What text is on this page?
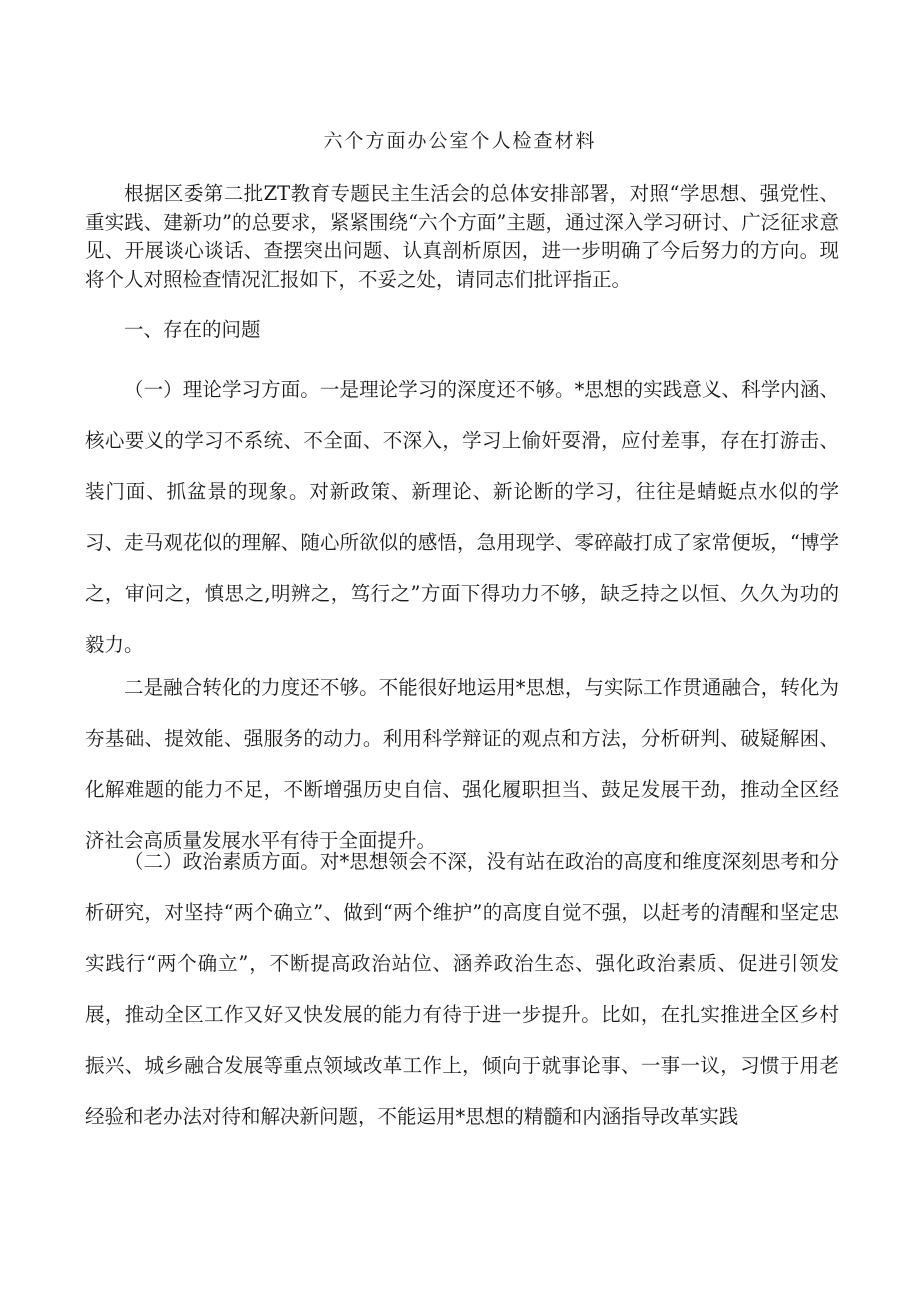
六个方面办公室个人检查材料

根据区委第二批ZT教育专题民主生活会的总体安排部署，对照“学思想、强党性、重实践、建新功”的总要求，紧紧围绕“六个方面”主题，通过深入学习研讨、广泛征求意见、开展谈心谈话、查摆突出问题、认真剖析原因，进一步明确了今后努力的方向。现将个人对照检查情况汇报如下，不妥之处，请同志们批评指正。

一、存在的问题

（一）理论学习方面。一是理论学习的深度还不够。*思想的实践意义、科学内涵、核心要义的学习不系统、不全面、不深入，学习上偷奸耍滑，应付差事，存在打游击、装门面、抓盆景的现象。对新政策、新理论、新论断的学习，往往是蜻蜓点水似的学习、走马观花似的理解、随心所欲似的感悟，急用现学、零碎敲打成了家常便坂，“博学之，审问之，慎思之,明辨之，笃行之”方面下得功力不够，缺乏持之以恒、久久为功的毅力。

二是融合转化的力度还不够。不能很好地运用*思想，与实际工作贯通融合，转化为夯基础、提效能、强服务的动力。利用科学辩证的观点和方法，分析研判、破疑解困、化解难题的能力不足，不断增强历史自信、强化履职担当、鼓足发展干劲，推动全区经济社会高质量发展水平有待于全面提升。

（二）政治素质方面。对*思想领会不深，没有站在政治的高度和维度深刻思考和分析研究，对坚持“两个确立”、做到“两个维护”的高度自觉不强，以赶考的清醒和坚定忠实践行“两个确立”，不断提高政治站位、涵养政治生态、强化政治素质、促进引领发展，推动全区工作又好又快发展的能力有待于进一步提升。比如，在扎实推进全区乡村振兴、城乡融合发展等重点领域改革工作上，倾向于就事论事、一事一议，习惯于用老经验和老办法对待和解决新问题，不能运用*思想的精髓和内涵指导改革实践
